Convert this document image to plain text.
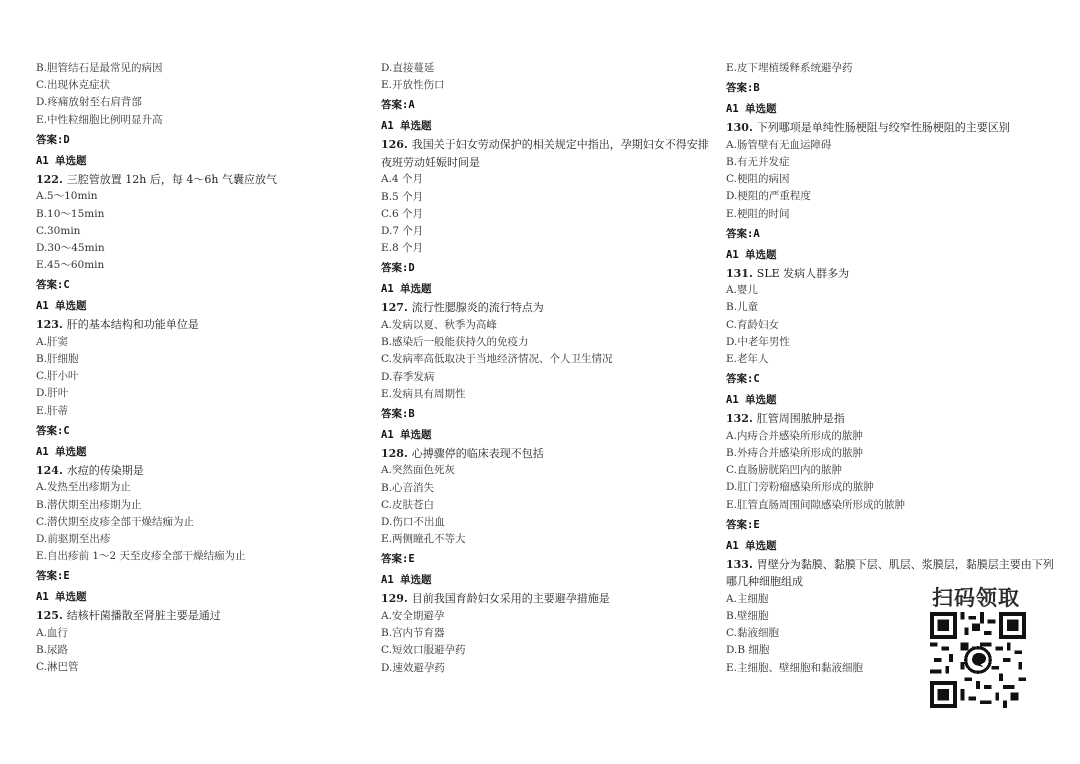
B.胆管结石是最常见的病因
C.出现休克症状
D.疼痛放射至右肩背部
E.中性粒细胞比例明显升高
答案:D
A1 单选题
122. 三腔管放置 12h 后，每 4～6h 气囊应放气
A.5～10min
B.10～15min
C.30min
D.30～45min
E.45～60min
答案:C
A1 单选题
123. 肝的基本结构和功能单位是
A.肝窦
B.肝细胞
C.肝小叶
D.肝叶
E.肝蒂
答案:C
A1 单选题
124. 水痘的传染期是
A.发热至出疹期为止
B.潜伏期至出疹期为止
C.潜伏期至皮疹全部干燥结痂为止
D.前驱期至出疹
E.自出疹前 1～2 天至皮疹全部干燥结痂为止
答案:E
A1 单选题
125. 结核杆菌播散至肾脏主要是通过
A.血行
B.尿路
C.淋巴管
D.直接蔓延
E.开放性伤口
答案:A
A1 单选题
126. 我国关于妇女劳动保护的相关规定中指出，孕期妇女不得安排夜班劳动妊娠时间是
A.4 个月
B.5 个月
C.6 个月
D.7 个月
E.8 个月
答案:D
A1 单选题
127. 流行性腮腺炎的流行特点为
A.发病以夏、秋季为高峰
B.感染后一般能获持久的免疫力
C.发病率高低取决于当地经济情况、个人卫生情况
D.春季发病
E.发病具有周期性
答案:B
A1 单选题
128. 心搏骤停的临床表现不包括
A.突然面色死灰
B.心音消失
C.皮肤苍白
D.伤口不出血
E.两侧瞳孔不等大
答案:E
A1 单选题
129. 目前我国育龄妇女采用的主要避孕措施是
A.安全期避孕
B.宫内节育器
C.短效口服避孕药
D.速效避孕药
E.皮下埋植缓释系统避孕药
答案:B
A1 单选题
130. 下列哪项是单纯性肠梗阻与绞窄性肠梗阻的主要区别
A.肠管壁有无血运障碍
B.有无并发症
C.梗阻的病因
D.梗阻的严重程度
E.梗阻的时间
答案:A
A1 单选题
131. SLE 发病人群多为
A.婴儿
B.儿童
C.育龄妇女
D.中老年男性
E.老年人
答案:C
A1 单选题
132. 肛管周围脓肿是指
A.内痔合并感染所形成的脓肿
B.外痔合并感染所形成的脓肿
C.直肠膀胱陷凹内的脓肿
D.肛门旁粉瘤感染所形成的脓肿
E.肛管直肠周围间隙感染所形成的脓肿
答案:E
A1 单选题
133. 胃壁分为黏膜、黏膜下层、肌层、浆膜层，黏膜层主要由下列哪几种细胞组成
A.主细胞
B.壁细胞
C.黏液细胞
D.B 细胞
E.主细胞、壁细胞和黏液细胞
扫码领取
